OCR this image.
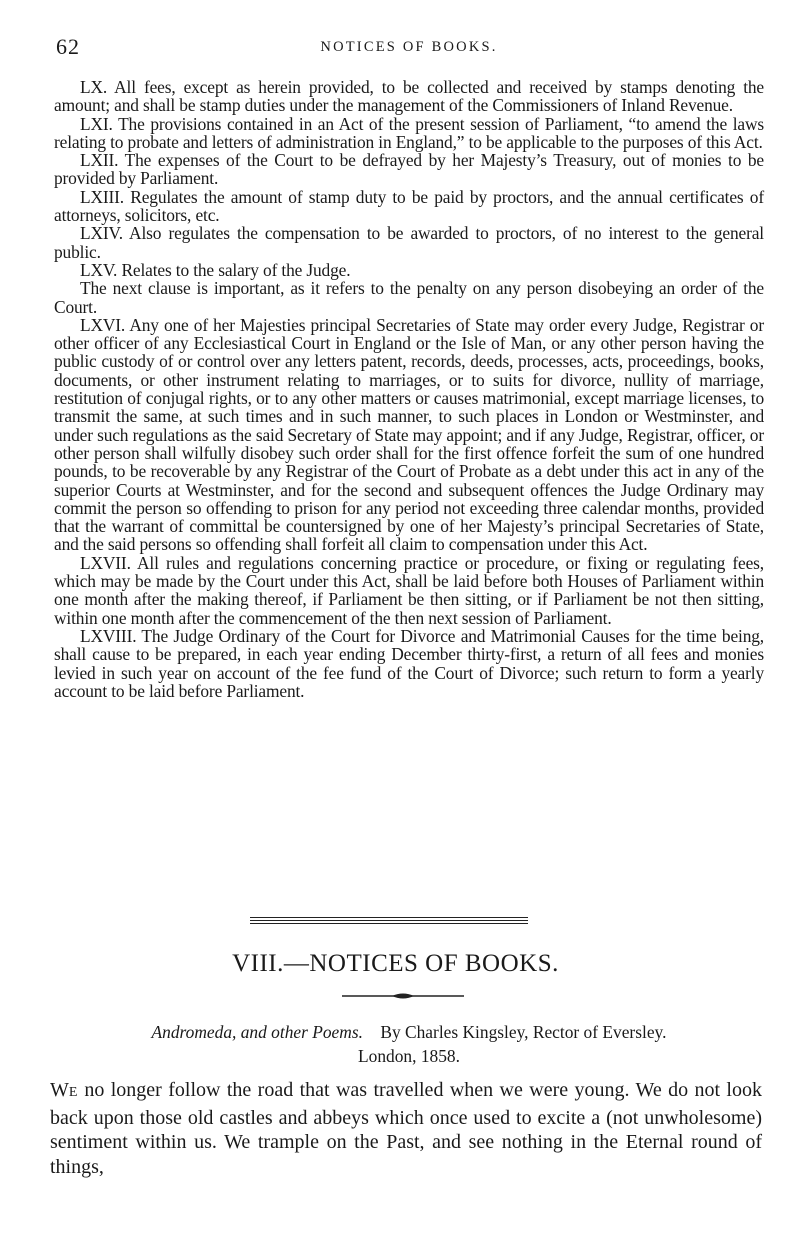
62	NOTICES OF BOOKS.

LX. All fees, except as herein provided, to be collected and received by stamps denoting the amount; and shall be stamp duties under the management of the Commissioners of Inland Revenue.

LXI. The provisions contained in an Act of the present session of Parliament, “to amend the laws relating to probate and letters of administration in England,” to be applicable to the purposes of this Act.

LXII. The expenses of the Court to be defrayed by her Majesty’s Treasury, out of monies to be provided by Parliament.

LXIII. Regulates the amount of stamp duty to be paid by proctors, and the annual certificates of attorneys, solicitors, etc.

LXIV. Also regulates the compensation to be awarded to proctors, of no interest to the general public.

LXV. Relates to the salary of the Judge.

The next clause is important, as it refers to the penalty on any person disobeying an order of the Court.

LXVI. Any one of her Majesties principal Secretaries of State may order every Judge, Registrar or other officer of any Ecclesiastical Court in England or the Isle of Man, or any other person having the public custody of or control over any letters patent, records, deeds, processes, acts, proceedings, books, documents, or other instrument relating to marriages, or to suits for divorce, nullity of marriage, restitution of conjugal rights, or to any other matters or causes matrimonial, except marriage licenses, to transmit the same, at such times and in such manner, to such places in London or Westminster, and under such regulations as the said Secretary of State may appoint; and if any Judge, Registrar, officer, or other person shall wilfully disobey such order shall for the first offence forfeit the sum of one hundred pounds, to be recoverable by any Registrar of the Court of Probate as a debt under this act in any of the superior Courts at Westminster, and for the second and subsequent offences the Judge Ordinary may commit the person so offending to prison for any period not exceeding three calendar months, provided that the warrant of committal be countersigned by one of her Majesty’s principal Secretaries of State, and the said persons so offending shall forfeit all claim to compensation under this Act.

LXVII. All rules and regulations concerning practice or procedure, or fixing or regulating fees, which may be made by the Court under this Act, shall be laid before both Houses of Parliament within one month after the making thereof, if Parliament be then sitting, or if Parliament be not then sitting, within one month after the commencement of the then next session of Parliament.

LXVIII. The Judge Ordinary of the Court for Divorce and Matrimonial Causes for the time being, shall cause to be prepared, in each year ending December thirty-first, a return of all fees and monies levied in such year on account of the fee fund of the Court of Divorce; such return to form a yearly account to be laid before Parliament.

VIII.—NOTICES OF BOOKS.
Andromeda, and other Poems. By Charles Kingsley, Rector of Eversley.
London, 1858.

WE no longer follow the road that was travelled when we were young. We do not look back upon those old castles and abbeys which once used to excite a (not unwholesome) sentiment within us. We trample on the Past, and see nothing in the Eternal round of things,
